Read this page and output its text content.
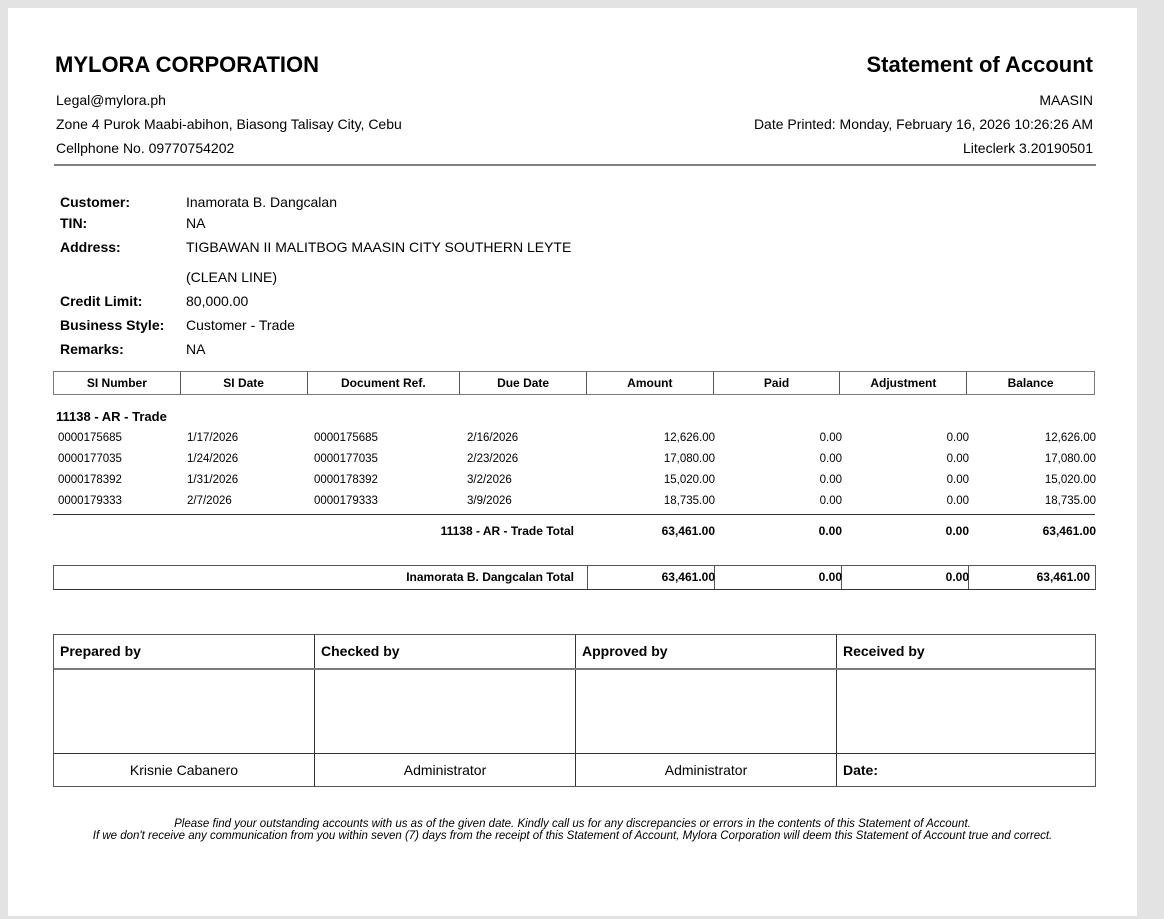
MYLORA CORPORATION
Legal@mylora.ph
Zone 4 Purok Maabi-abihon, Biasong Talisay City, Cebu
Cellphone No. 09770754202
Statement of Account
MAASIN
Date Printed: Monday, February 16, 2026 10:26:26 AM
Liteclerk 3.20190501
Customer:	Inamorata B. Dangcalan
TIN:	NA
Address:	TIGBAWAN II MALITBOG MAASIN CITY SOUTHERN LEYTE
(CLEAN LINE)
Credit Limit:	80,000.00
Business Style: Customer - Trade
Remarks:	NA
SI Number	SI Date	Document Ref.	Due Date	Amount	Paid	Adjustment	Balance
11138 - AR - Trade
0000175685	1/17/2026	0000175685	2/16/2026	12,626.00	0.00	0.00	12,626.00
0000177035	1/24/2026	0000177035	2/23/2026	17,080.00	0.00	0.00	17,080.00
0000178392	1/31/2026	0000178392	3/2/2026	15,020.00	0.00	0.00	15,020.00
0000179333	2/7/2026	0000179333	3/9/2026	18,735.00	0.00	0.00	18,735.00
11138 - AR - Trade Total	63,461.00	0.00	0.00	63,461.00
Inamorata B. Dangcalan Total	63,461.00	0.00	0.00	63,461.00
Prepared by	Checked by	Approved by	Received by
Krisnie Cabanero	Administrator	Administrator	Date:
Please find your outstanding accounts with us as of the given date. Kindly call us for any discrepancies or errors in the contents of this Statement of Account.
If we don't receive any communication from you within seven (7) days from the receipt of this Statement of Account, Mylora Corporation will deem this Statement of Account true and correct.
